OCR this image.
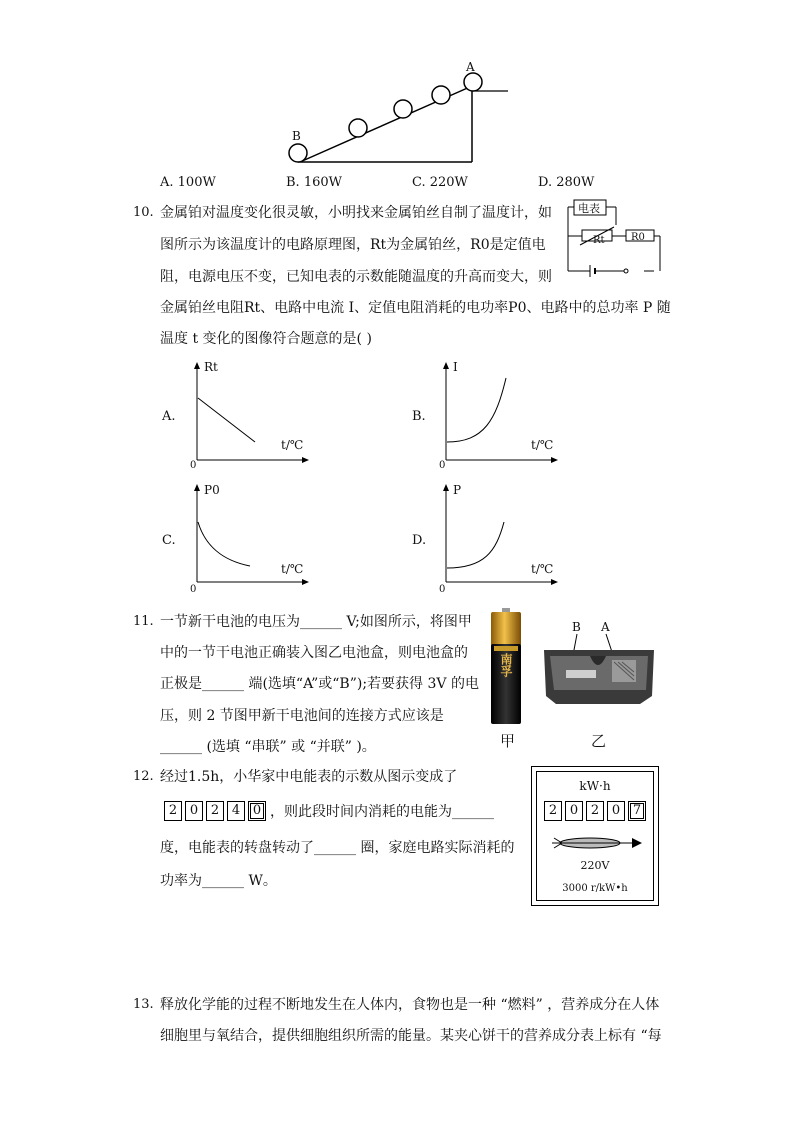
A
B
A. 100W	B. 160W	C. 220W	D. 280W
10. 金属铂对温度变化很灵敏，小明找来金属铂丝自制了温度计，如
图所示为该温度计的电路原理图，Rt为金属铂丝，R0是定值电
阻，电源电压不变，已知电表的示数能随温度的升高而变大，则
金属铂丝电阻Rt、电路中电流 I、定值电阻消耗的电功率P0、电路中的总功率 P 随
温度 t 变化的图像符合题意的是( )
电表
Rt	R0
A.
Rt
t/℃
0
B.
I
t/℃
0
C.
P0
t/℃
0
D.
P
t/℃
0
11. 一节新干电池的电压为______ V;如图所示，将图甲
中的一节干电池正确装入图乙电池盒，则电池盒的
正极是______ 端(选填“A”或“B”);若要获得 3V 的电
压，则 2 节图甲新干电池间的连接方式应该是
______ (选填 “串联” 或 “并联” )。
南孚
甲
B A
乙
12. 经过1.5h，小华家中电能表的示数从图示变成了
2 0 2 4 0 ，则此段时间内消耗的电能为______
度，电能表的转盘转动了______ 圈，家庭电路实际消耗的
功率为______ W。
kW·h
2 0 2 0 7
220V
3000 r/kW•h
13. 释放化学能的过程不断地发生在人体内，食物也是一种 “燃料” ，营养成分在人体
细胞里与氧结合，提供细胞组织所需的能量。某夹心饼干的营养成分表上标有 “每
